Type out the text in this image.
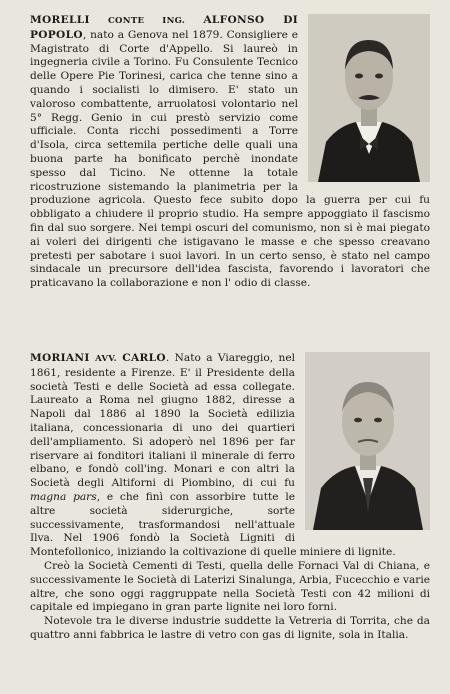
MORELLI CONTE ING. ALFONSO DI POPOLO, nato a Genova nel 1879. Consigliere e Magistrato di Corte d'Appello. Si laureò in ingegneria civile a Torino. Fu Consulente Tecnico delle Opere Pie Torinesi, carica che tenne sino a quando i socialisti lo dimisero. E' stato un valoroso combattente, arruolatosi volontario nel 5° Regg. Genio in cui prestò servizio come ufficiale. Conta ricchi possedimenti a Torre d'Isola, circa settemila pertiche delle quali una buona parte ha bonificato perchè inondate spesso dal Ticino. Ne ottenne la totale ricostruzione sistemando la planimetria per la produzione agricola. Questo fece subito dopo la guerra per cui fu obbligato a chiudere il proprio studio. Ha sempre appoggiato il fascismo fin dal suo sorgere. Nei tempi oscuri del comunismo, non si è mai piegato ai voleri dei dirigenti che istigavano le masse e che spesso creavano pretesti per sabotare i suoi lavori. In un certo senso, è stato nel campo sindacale un precursore dell'idea fascista, favorendo i lavoratori che praticavano la collaborazione e non l' odio di classe.

MORIANI AVV. CARLO. Nato a Viareggio, nel 1861, residente a Firenze. E' il Presidente della società Testi e delle Società ad essa collegate. Laureato a Roma nel giugno 1882, diresse a Napoli dal 1886 al 1890 la Società edilizia italiana, concessionaria di uno dei quartieri dell'ampliamento. Si adoperò nel 1896 per far riservare ai fonditori italiani il minerale di ferro elbano, e fondò coll'ing. Monari e con altri la Società degli Altiforni di Piombino, di cui fu magna pars, e che finì con assorbire tutte le altre società siderurgiche, sorte successivamente, trasformandosi nell'attuale Ilva. Nel 1906 fondò la Società Ligniti di Montefollonico, iniziando la coltivazione di quelle miniere di lignite.

Creò la Società Cementi di Testi, quella delle Fornaci Val di Chiana, e successivamente le Società di Laterizi Sinalunga, Arbia, Fucecchio e varie altre, che sono oggi raggruppate nella Società Testi con 42 milioni di capitale ed impiegano in gran parte lignite nei loro forni.

Notevole tra le diverse industrie suddette la Vetreria di Torrita, che da quattro anni fabbrica le lastre di vetro con gas di lignite, sola in Italia.
